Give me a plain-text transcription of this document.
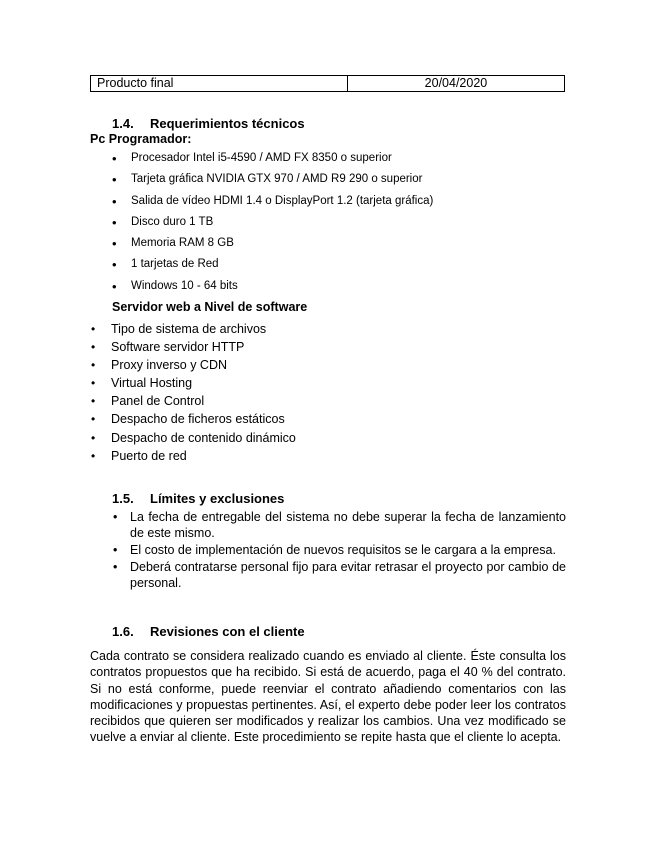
Producto final	20/04/2020
1.4. Requerimientos técnicos
Pc Programador:
• Procesador Intel i5-4590 / AMD FX 8350 o superior
• Tarjeta gráfica NVIDIA GTX 970 / AMD R9 290 o superior
• Salida de vídeo HDMI 1.4 o DisplayPort 1.2 (tarjeta gráfica)
• Disco duro 1 TB
• Memoria RAM 8 GB
• 1 tarjetas de Red
• Windows 10 - 64 bits
Servidor web a Nivel de software
• Tipo de sistema de archivos
• Software servidor HTTP
• Proxy inverso y CDN
• Virtual Hosting
• Panel de Control
• Despacho de ficheros estáticos
• Despacho de contenido dinámico
• Puerto de red
1.5. Límites y exclusiones
• La fecha de entregable del sistema no debe superar la fecha de lanzamiento de este mismo.
• El costo de implementación de nuevos requisitos se le cargara a la empresa.
• Deberá contratarse personal fijo para evitar retrasar el proyecto por cambio de personal.
1.6. Revisiones con el cliente

Cada contrato se considera realizado cuando es enviado al cliente. Éste consulta los contratos propuestos que ha recibido. Si está de acuerdo, paga el 40 % del contrato. Si no está conforme, puede reenviar el contrato añadiendo comentarios con las modificaciones y propuestas pertinentes. Así, el experto debe poder leer los contratos recibidos que quieren ser modificados y realizar los cambios. Una vez modificado se vuelve a enviar al cliente. Este procedimiento se repite hasta que el cliente lo acepta.
